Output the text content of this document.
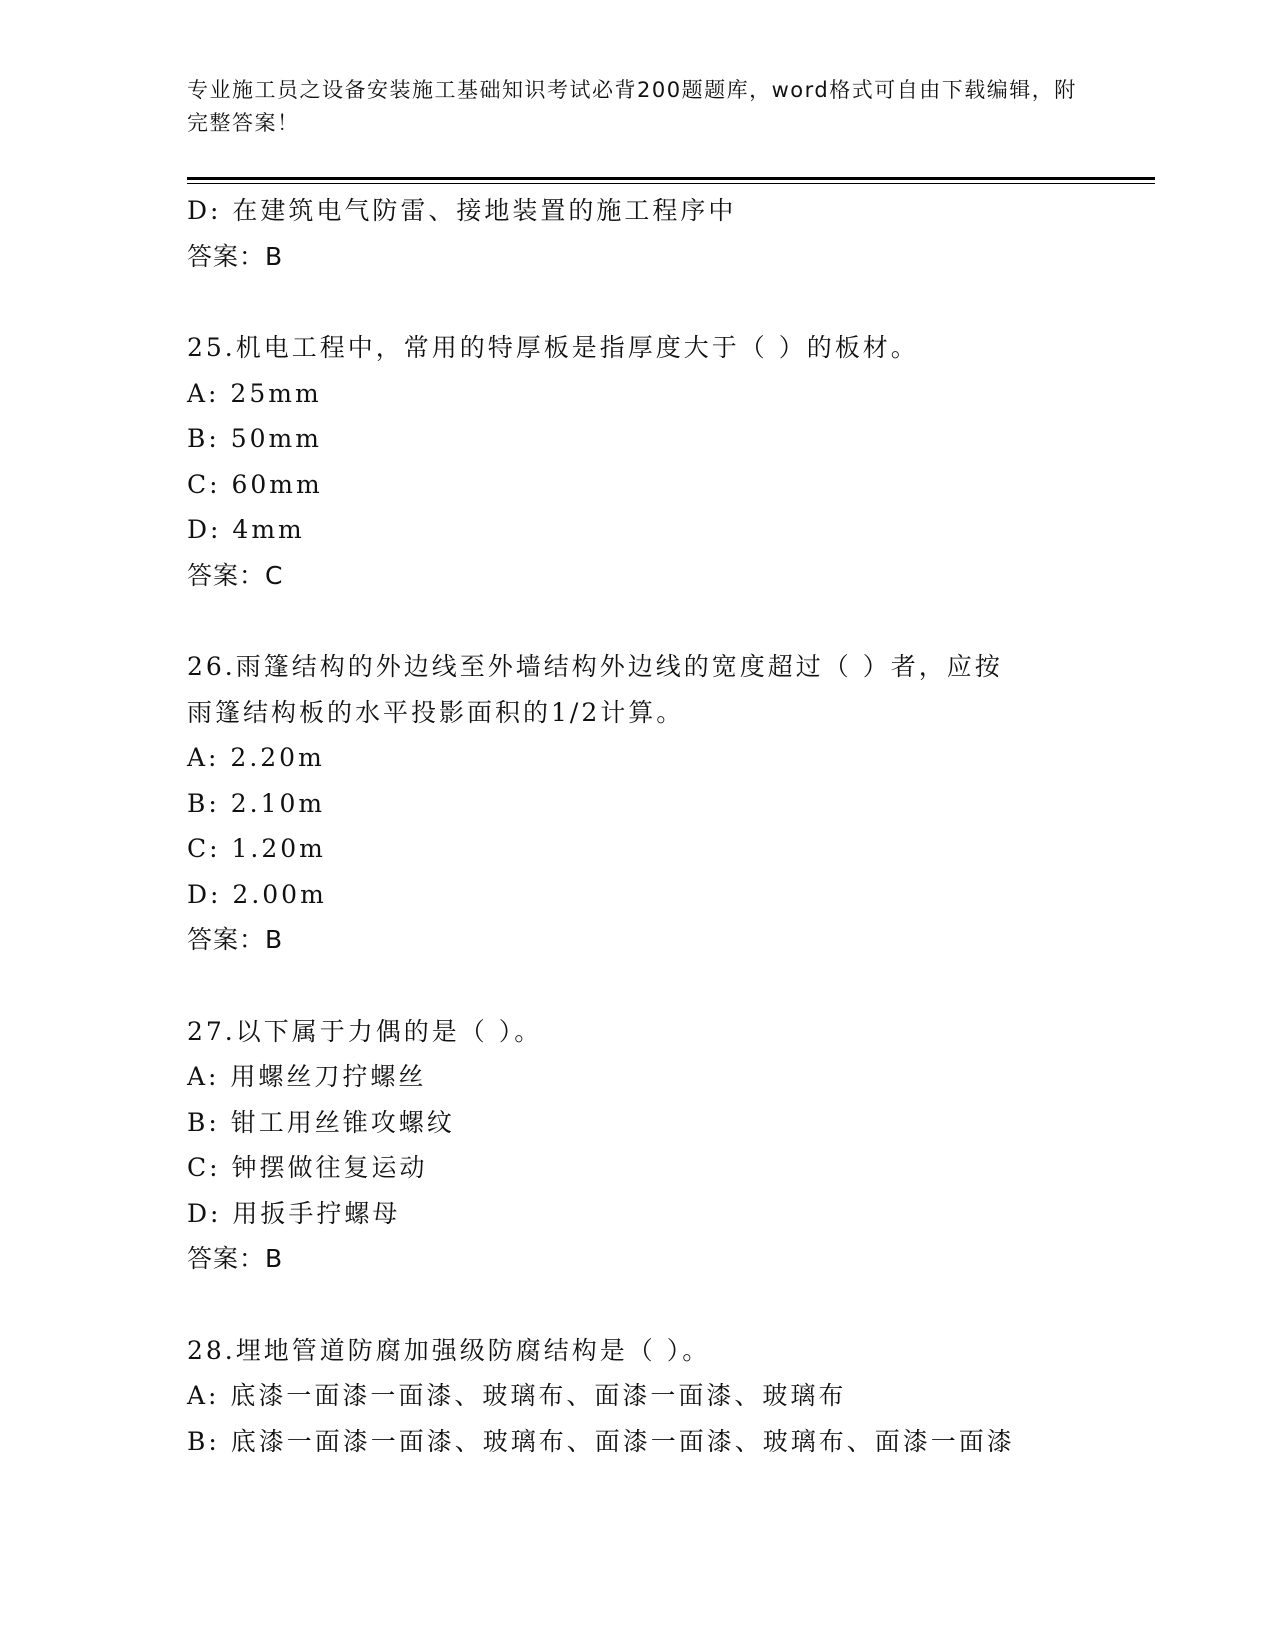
专业施工员之设备安装施工基础知识考试必背200题题库，word格式可自由下载编辑，附完整答案！
D: 在建筑电气防雷、接地装置的施工程序中
答案：B
25.机电工程中，常用的特厚板是指厚度大于（ ）的板材。
A: 25mm
B: 50mm
C: 60mm
D: 4mm
答案：C
26.雨篷结构的外边线至外墙结构外边线的宽度超过（ ）者，应按雨篷结构板的水平投影面积的1/2计算。
A: 2.20m
B: 2.10m
C: 1.20m
D: 2.00m
答案：B
27.以下属于力偶的是（ ）。
A: 用螺丝刀拧螺丝
B: 钳工用丝锥攻螺纹
C: 钟摆做往复运动
D: 用扳手拧螺母
答案：B
28.埋地管道防腐加强级防腐结构是（ ）。
A: 底漆一面漆一面漆、玻璃布、面漆一面漆、玻璃布
B: 底漆一面漆一面漆、玻璃布、面漆一面漆、玻璃布、面漆一面漆
